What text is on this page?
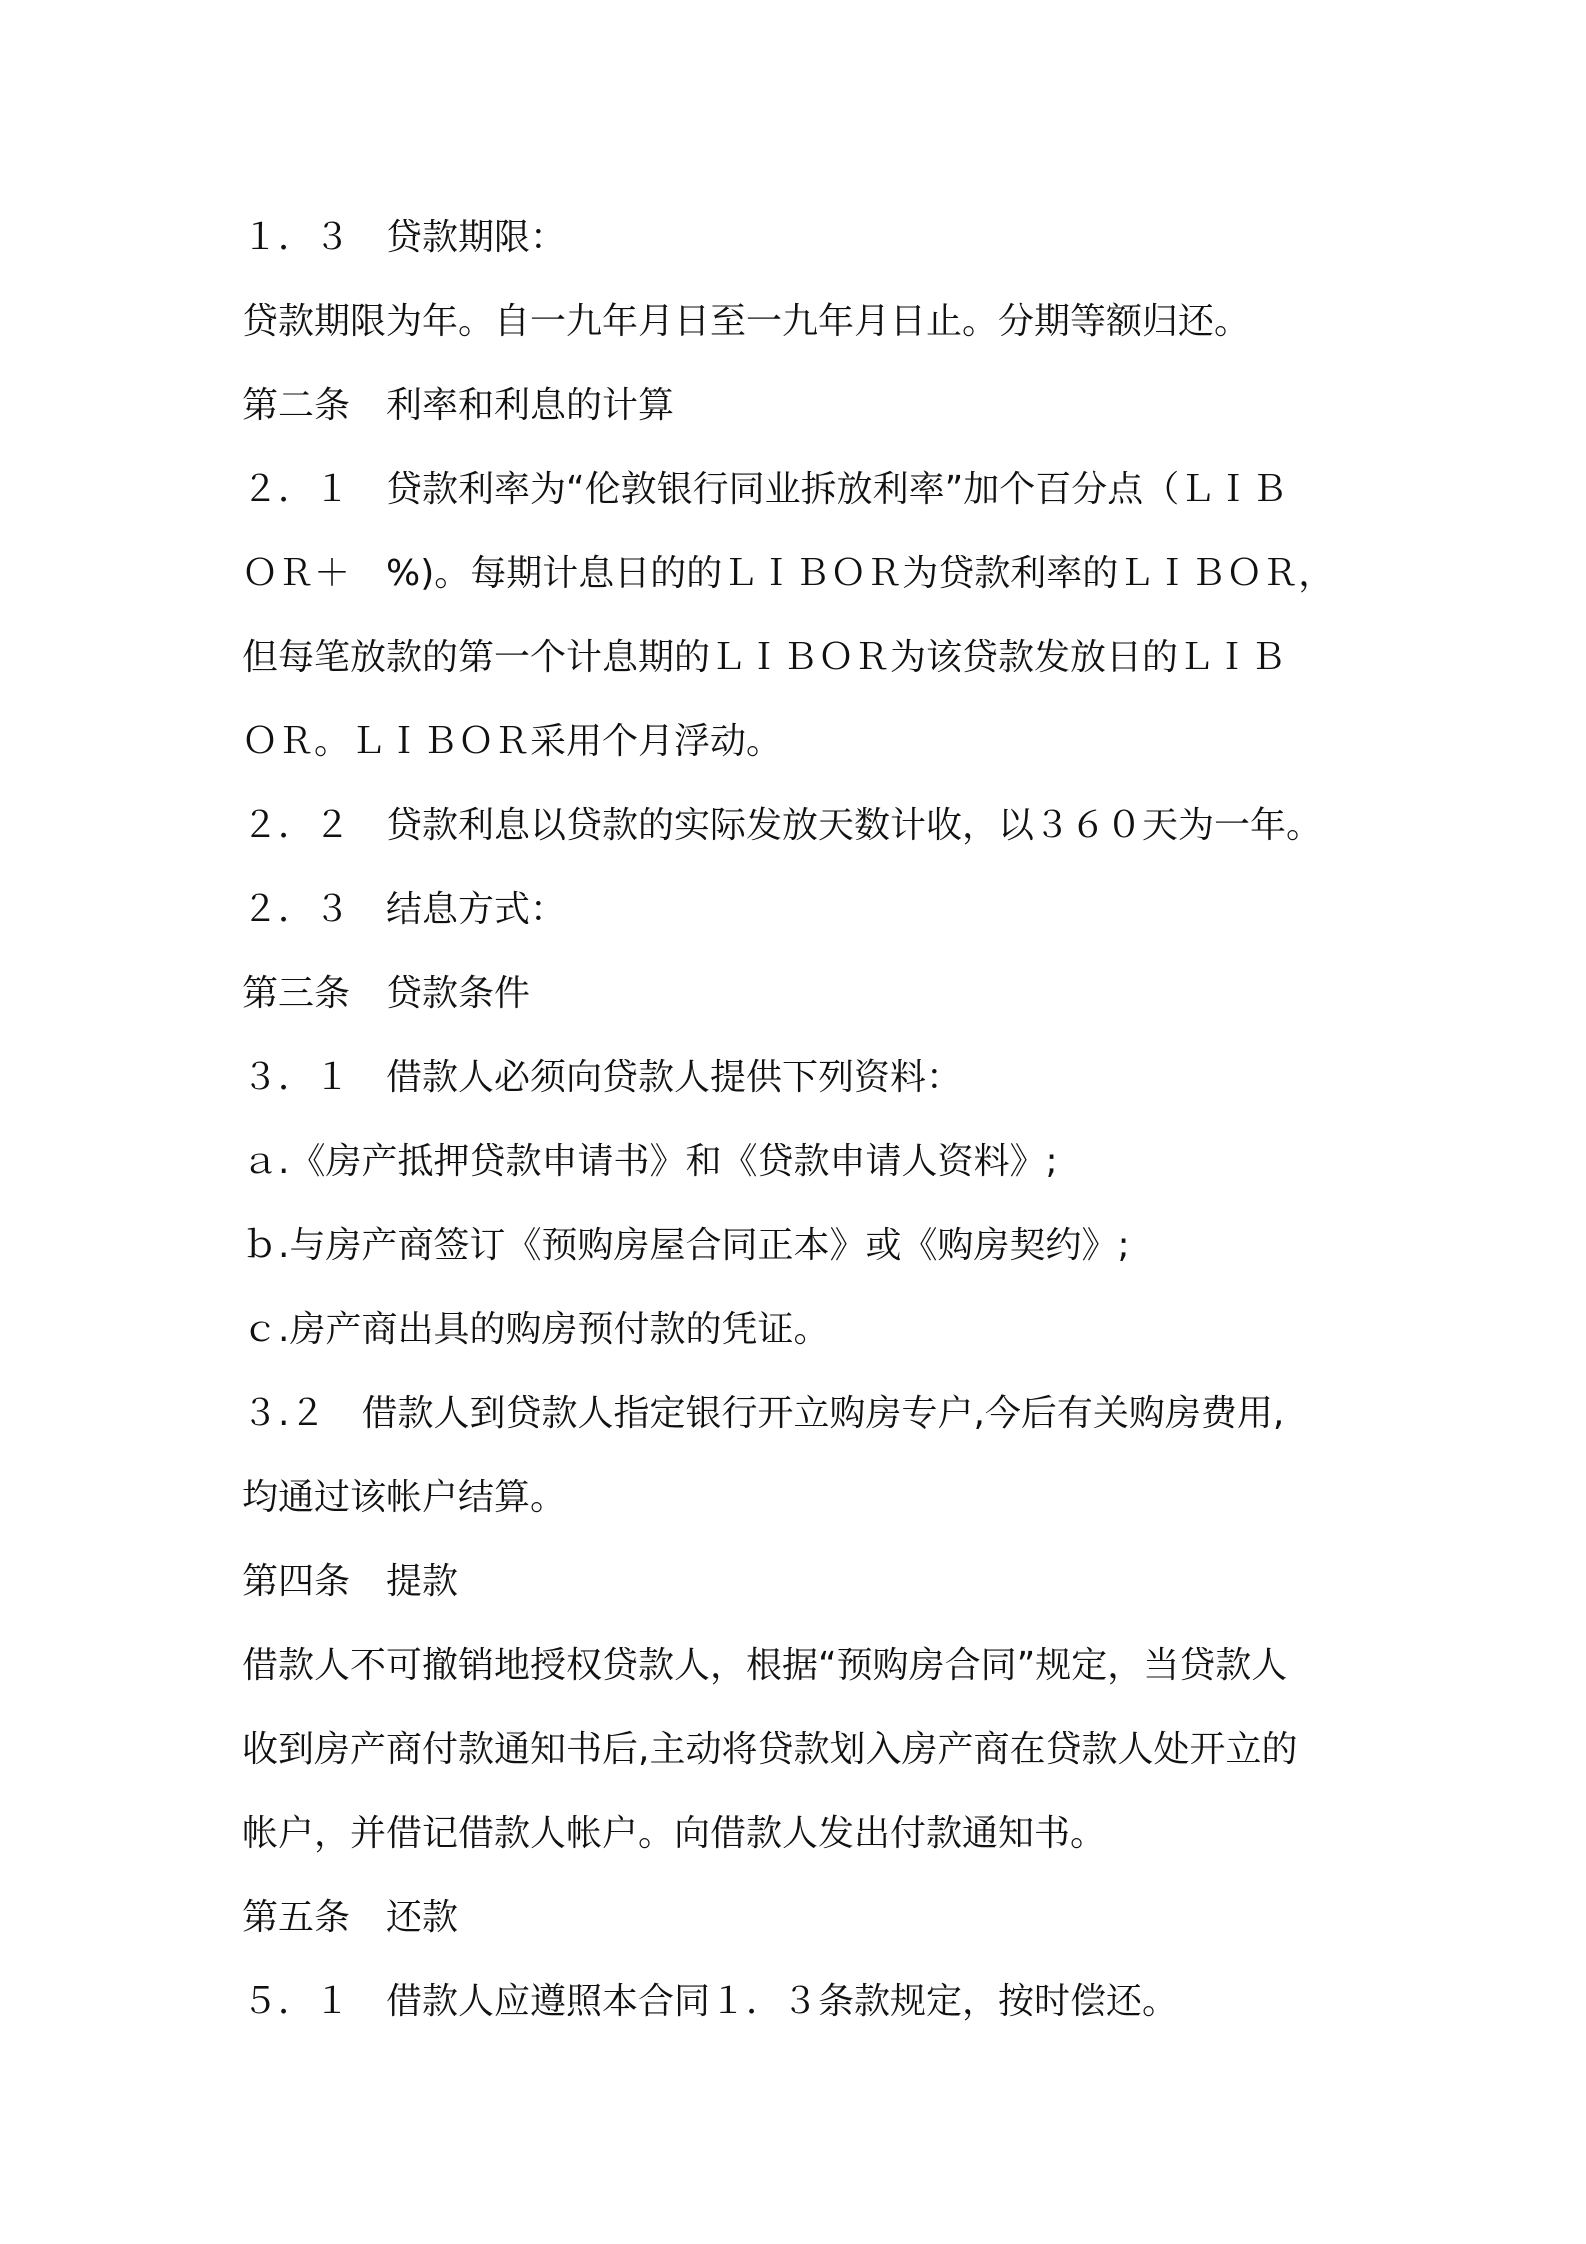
１．３　贷款期限：
贷款期限为年。自一九年月日至一九年月日止。分期等额归还。
第二条　利率和利息的计算
２．１　贷款利率为“伦敦银行同业拆放利率”加个百分点（ＬＩＢ
ＯＲ＋　%)。每期计息日的的ＬＩＢＯＲ为贷款利率的ＬＩＢＯＲ，
但每笔放款的第一个计息期的ＬＩＢＯＲ为该贷款发放日的ＬＩＢ
ＯＲ。ＬＩＢＯＲ采用个月浮动。
２．２　贷款利息以贷款的实际发放天数计收，以３６０天为一年。
２．３　结息方式：
第三条　贷款条件
３．１　借款人必须向贷款人提供下列资料：
ａ.《房产抵押贷款申请书》和《贷款申请人资料》;
ｂ.与房产商签订《预购房屋合同正本》或《购房契约》;
ｃ.房产商出具的购房预付款的凭证。
３.２　借款人到贷款人指定银行开立购房专户,今后有关购房费用,
均通过该帐户结算。
第四条　提款
借款人不可撤销地授权贷款人，根据“预购房合同”规定，当贷款人
收到房产商付款通知书后,主动将贷款划入房产商在贷款人处开立的
帐户，并借记借款人帐户。向借款人发出付款通知书。
第五条　还款
５．１　借款人应遵照本合同１．３条款规定，按时偿还。
